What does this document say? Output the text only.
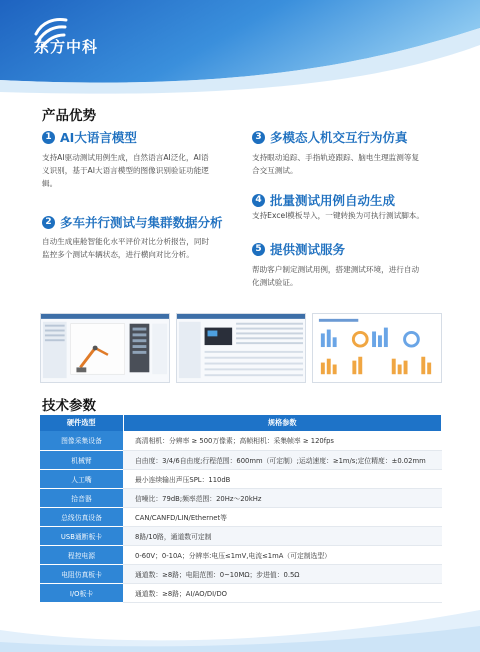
东方中科
产品优势
1 AI大语言模型
支持AI驱动测试用例生成，自然语言AI泛化，AI语
义识别，基于AI大语言模型的图像识别验证功能逻
辑。
2 多车并行测试与集群数据分析
自动生成座舱智能化水平评价对比分析报告，同时
监控多个测试车辆状态，进行横向对比分析。
3 多模态人机交互行为仿真
支持眼动追踪、手指轨迹跟踪、脑电生理监测等复
合交互测试。
4 批量测试用例自动生成
支持Excel模板导入，一键转换为可执行测试脚本。
5 提供测试服务
帮助客户制定测试用例，搭建测试环境，进行自动
化测试验证。
技术参数
硬件选型	规格参数
图像采集设备	高清相机：分辨率 ≥ 500万像素；高帧相机：采集帧率 ≥ 120fps
机械臂	自由度：3/4/6自由度;行程范围：600mm（可定制）;运动速度：≥1m/s;定位精度：±0.02mm
人工嘴	最小连续输出声压SPL：110dB
拾音器	信噪比：79dB;频率范围：20Hz～20kHz
总线仿真设备	CAN/CANFD/LIN/Ethernet等
USB通断板卡	8路/10路，通道数可定制
程控电源	0-60V；0-10A；分辨率:电压≤1mV,电流≤1mA（可定制选型）
电阻仿真板卡	通道数：≥8路；电阻范围：0~10MΩ；步进值：0.5Ω
I/O板卡	通道数：≥8路；AI/AO/DI/DO
